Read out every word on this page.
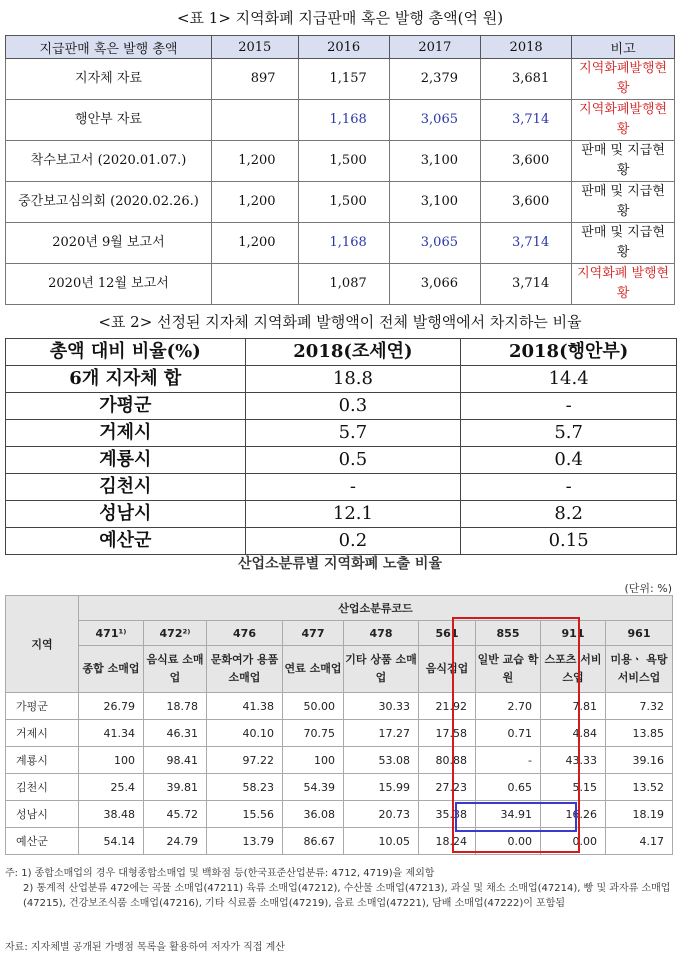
<표 1> 지역화폐 지급판매 혹은 발행 총액(억 원)
지급판매 혹은 발행 총액	2015	2016	2017	2018	비고
지자체 자료	897	1,157	2,379	3,681	지역화폐발행현황
행안부 자료		1,168	3,065	3,714	지역화폐발행현황
착수보고서 (2020.01.07.)	1,200	1,500	3,100	3,600	판매 및 지급현황
중간보고심의회 (2020.02.26.)	1,200	1,500	3,100	3,600	판매 및 지급현황
2020년 9월 보고서	1,200	1,168	3,065	3,714	판매 및 지급현황
2020년 12월 보고서		1,087	3,066	3,714	지역화폐 발행현황
<표 2> 선정된 지자체 지역화폐 발행액이 전체 발행액에서 차지하는 비율
총액 대비 비율(%)	2018(조세연)	2018(행안부)
6개 지자체 합	18.8	14.4
가평군	0.3	-
거제시	5.7	5.7
계룡시	0.5	0.4
김천시	-	-
성남시	12.1	8.2
예산군	0.2	0.15
산업소분류별 지역화폐 노출 비율
(단위: %)
지역	산업소분류코드								
	471¹⁾	472²⁾	476	477	478	561	855	911	961
	종합 소매업	음식료 소매업	문화여가 용품소매업	연료 소매업	기타 상품 소매업	음식점업	일반 교습 학원	스포츠 서비스업	미용ㆍ 욕탕 서비스업
가평군	26.79	18.78	41.38	50.00	30.33	21.92	2.70	7.81	7.32
거제시	41.34	46.31	40.10	70.75	17.27	17.58	0.71	4.84	13.85
계룡시	100	98.41	97.22	100	53.08	80.88	-	43.33	39.16
김천시	25.4	39.81	58.23	54.39	15.99	27.23	0.65	5.15	13.52
성남시	38.48	45.72	15.56	36.08	20.73	35.38	34.91	16.26	18.19
예산군	54.14	24.79	13.79	86.67	10.05	18.24	0.00	0.00	4.17
주: 1) 종합소매업의 경우 대형종합소매업 및 백화점 등(한국표준산업분류: 4712, 4719)을 제외함
2) 통계적 산업분류 472에는 곡물 소매업(47211) 육류 소매업(47212), 수산물 소매업(47213), 과실 및 채소 소매업(47214), 빵 및 과자류 소매업(47215), 건강보조식품 소매업(47216), 기타 식료품 소매업(47219), 음료 소매업(47221), 담배 소매업(47222)이 포함됨
자료: 지자체별 공개된 가맹점 목록을 활용하여 저자가 직접 계산
